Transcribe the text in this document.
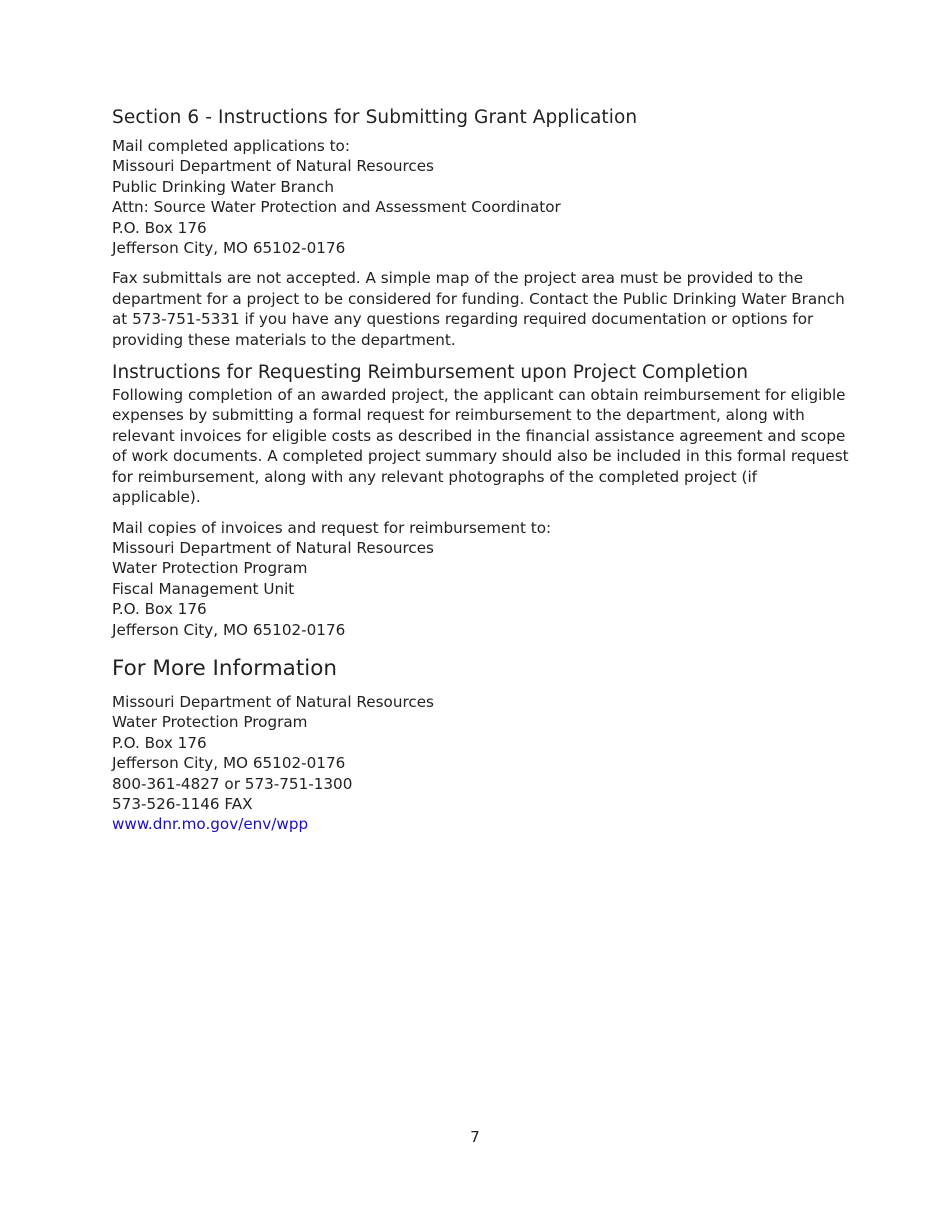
Section 6 - Instructions for Submitting Grant Application
Mail completed applications to:
Missouri Department of Natural Resources
Public Drinking Water Branch
Attn: Source Water Protection and Assessment Coordinator
P.O. Box 176
Jefferson City, MO 65102-0176

Fax submittals are not accepted. A simple map of the project area must be provided to the department for a project to be considered for funding. Contact the Public Drinking Water Branch at 573-751-5331 if you have any questions regarding required documentation or options for providing these materials to the department.

Instructions for Requesting Reimbursement upon Project Completion

Following completion of an awarded project, the applicant can obtain reimbursement for eligible expenses by submitting a formal request for reimbursement to the department, along with relevant invoices for eligible costs as described in the financial assistance agreement and scope of work documents. A completed project summary should also be included in this formal request for reimbursement, along with any relevant photographs of the completed project (if applicable).

Mail copies of invoices and request for reimbursement to:
Missouri Department of Natural Resources
Water Protection Program
Fiscal Management Unit
P.O. Box 176
Jefferson City, MO 65102-0176
For More Information
Missouri Department of Natural Resources
Water Protection Program
P.O. Box 176
Jefferson City, MO 65102-0176
800-361-4827 or 573-751-1300
573-526-1146 FAX
www.dnr.mo.gov/env/wpp
7
